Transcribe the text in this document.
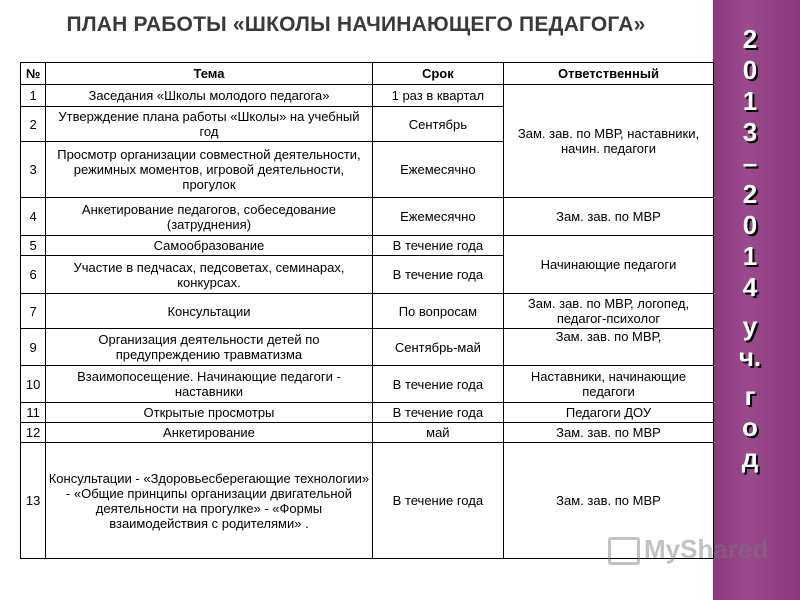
ПЛАН РАБОТЫ «ШКОЛЫ НАЧИНАЮЩЕГО ПЕДАГОГА»	2
0
1
3
–
2
0
1
4
у
ч.
г
о
д
№	Тема	Срок	Ответственный
1	Заседания «Школы молодого педагога»	1 раз в квартал	Зам. зав. по МВР, наставники, начин. педагоги
2	Утверждение плана работы «Школы» на учебный год	Сентябрь	
3	Просмотр организации совместной деятельности, режимных моментов, игровой деятельности, прогулок	Ежемесячно	
4	Анкетирование педагогов, собеседование (затруднения)	Ежемесячно	Зам. зав. по МВР
5	Самообразование	В течение года	Начинающие педагоги
6	Участие в педчасах, педсоветах, семинарах, конкурсах.	В течение года	
7	Консультации	По вопросам	Зам. зав. по МВР, логопед, педагог-психолог
9	Организация деятельности детей по предупреждению травматизма	Сентябрь-май	Зам. зав. по МВР,
10	Взаимопосещение. Начинающие педагоги - наставники	В течение года	Наставники, начинающие педагоги
11	Открытые просмотры	В течение года	Педагоги ДОУ
12	Анкетирование	май	Зам. зав. по МВР
13	Консультации - «Здоровьесберегающие технологии» - «Общие принципы организации двигательной деятельности на прогулке» - «Формы взаимодействия с родителями» .	В течение года	Зам. зав. по МВР
MyShared
